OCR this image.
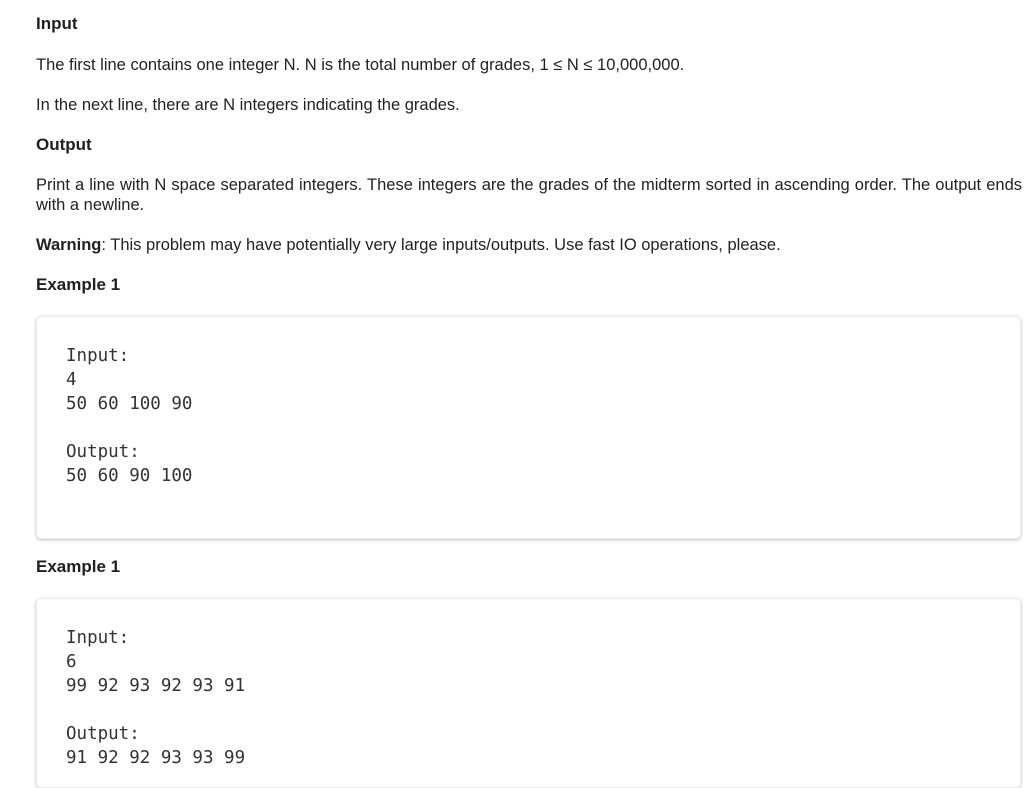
Input

The first line contains one integer N. N is the total number of grades, 1 ≤ N ≤ 10,000,000.

In the next line, there are N integers indicating the grades.

Output

Print a line with N space separated integers. These integers are the grades of the midterm sorted in ascending order. The output ends with a newline.

Warning: This problem may have potentially very large inputs/outputs. Use fast IO operations, please.

Example 1
Input:
4
50 60 100 90
Output:
50 60 90 100
Example 1
Input:
6
99 92 93 92 93 91
Output:
91 92 92 93 93 99
